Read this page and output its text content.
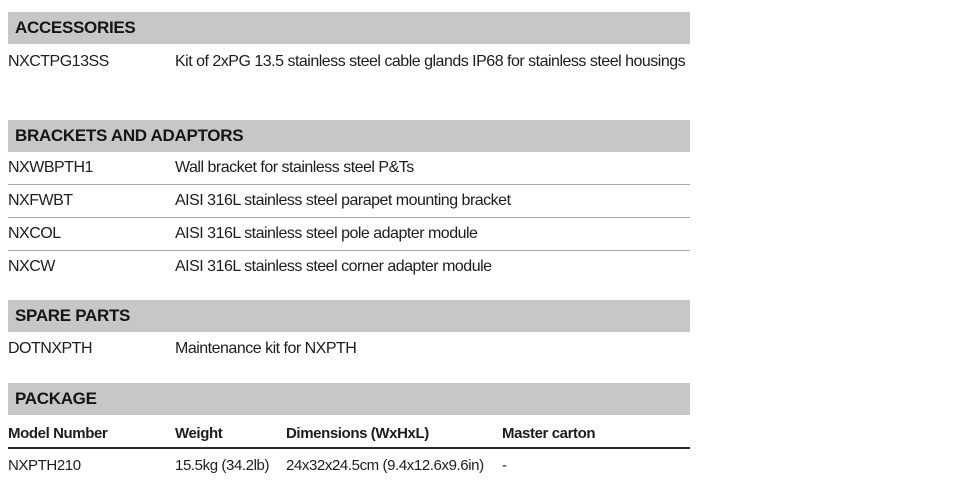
ACCESSORIES
NXCTPG13SS	Kit of 2xPG 13.5 stainless steel cable glands IP68 for stainless steel housings
BRACKETS AND ADAPTORS
NXWBPTH1	Wall bracket for stainless steel P&Ts
NXFWBT	AISI 316L stainless steel parapet mounting bracket
NXCOL	AISI 316L stainless steel pole adapter module
NXCW	AISI 316L stainless steel corner adapter module
SPARE PARTS
DOTNXPTH	Maintenance kit for NXPTH
PACKAGE
Model Number	Weight	Dimensions (WxHxL)	Master carton
NXPTH210	15.5kg (34.2lb)	24x32x24.5cm (9.4x12.6x9.6in)	-
